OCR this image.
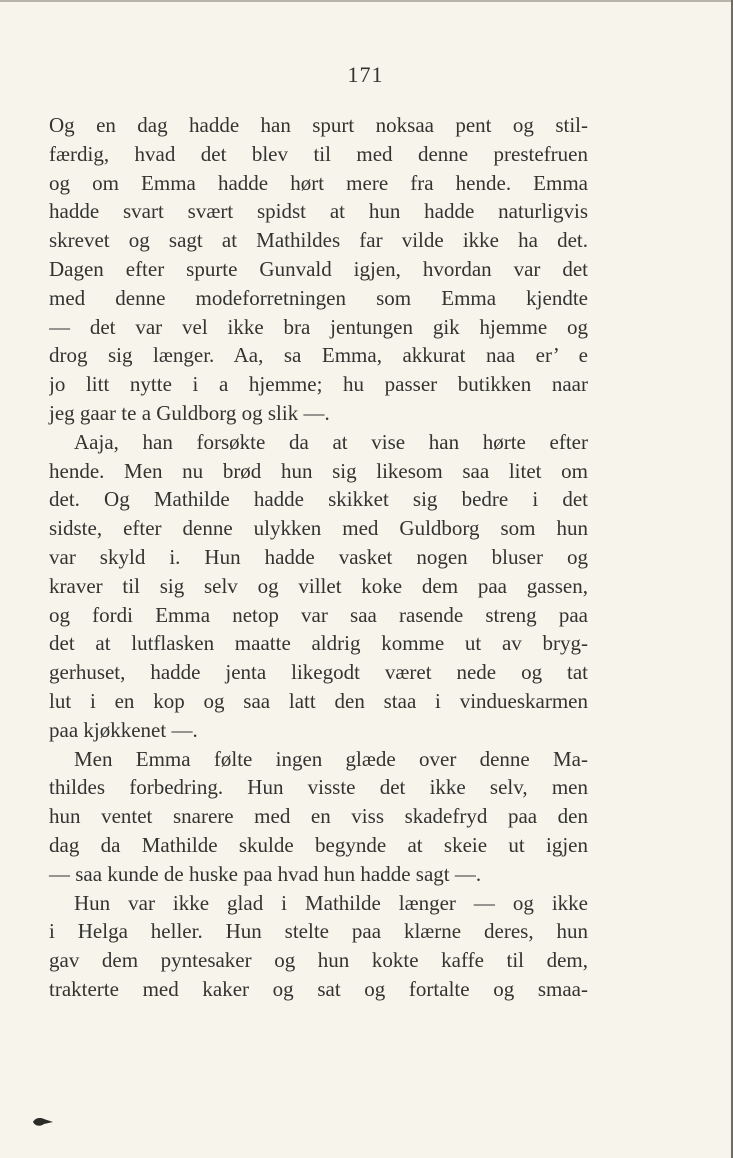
171
Og en dag hadde han spurt noksaa pent og stil-
færdig, hvad det blev til med denne prestefruen
og om Emma hadde hørt mere fra hende. Emma
hadde svart svært spidst at hun hadde naturligvis
skrevet og sagt at Mathildes far vilde ikke ha det.
Dagen efter spurte Gunvald igjen, hvordan var det
med denne modeforretningen som Emma kjendte
— det var vel ikke bra jentungen gik hjemme og
drog sig længer. Aa, sa Emma, akkurat naa er’ e
jo litt nytte i a hjemme; hu passer butikken naar
jeg gaar te a Guldborg og slik —.
Aaja, han forsøkte da at vise han hørte efter
hende. Men nu brød hun sig likesom saa litet om
det. Og Mathilde hadde skikket sig bedre i det
sidste, efter denne ulykken med Guldborg som hun
var skyld i. Hun hadde vasket nogen bluser og
kraver til sig selv og villet koke dem paa gassen,
og fordi Emma netop var saa rasende streng paa
det at lutflasken maatte aldrig komme ut av bryg-
gerhuset, hadde jenta likegodt været nede og tat
lut i en kop og saa latt den staa i vindueskarmen
paa kjøkkenet —.
Men Emma følte ingen glæde over denne Ma-
thildes forbedring. Hun visste det ikke selv, men
hun ventet snarere med en viss skadefryd paa den
dag da Mathilde skulde begynde at skeie ut igjen
— saa kunde de huske paa hvad hun hadde sagt —.
Hun var ikke glad i Mathilde længer — og ikke
i Helga heller. Hun stelte paa klærne deres, hun
gav dem pyntesaker og hun kokte kaffe til dem,
trakterte med kaker og sat og fortalte og smaa-
